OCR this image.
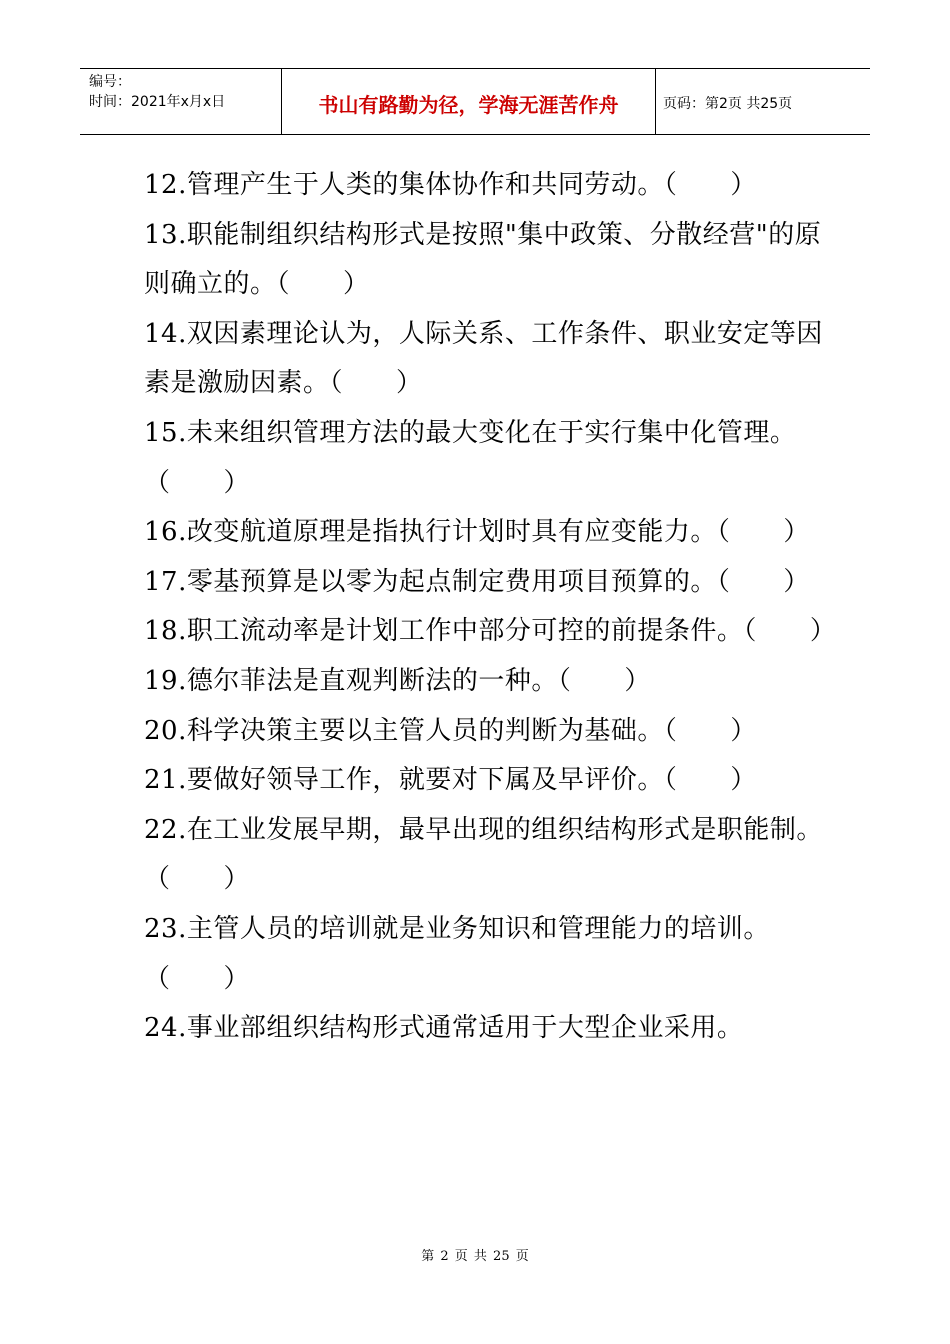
编号：
时间：2021年x月x日	书山有路勤为径，学海无涯苦作舟	页码：第2页 共25页

12.管理产生于人类的集体协作和共同劳动。（　　）

13.职能制组织结构形式是按照"集中政策、分散经营"的原则确立的。（　　）

14.双因素理论认为，人际关系、工作条件、职业安定等因素是激励因素。（　　）

15.未来组织管理方法的最大变化在于实行集中化管理。（　　）

16.改变航道原理是指执行计划时具有应变能力。（　　）

17.零基预算是以零为起点制定费用项目预算的。（　　）

18.职工流动率是计划工作中部分可控的前提条件。（　　）

19.德尔菲法是直观判断法的一种。（　　）

20.科学决策主要以主管人员的判断为基础。（　　）

21.要做好领导工作，就要对下属及早评价。（　　）

22.在工业发展早期，最早出现的组织结构形式是职能制。（　　）

23.主管人员的培训就是业务知识和管理能力的培训。（　　）

24.事业部组织结构形式通常适用于大型企业采用。

第 2 页 共 25 页
